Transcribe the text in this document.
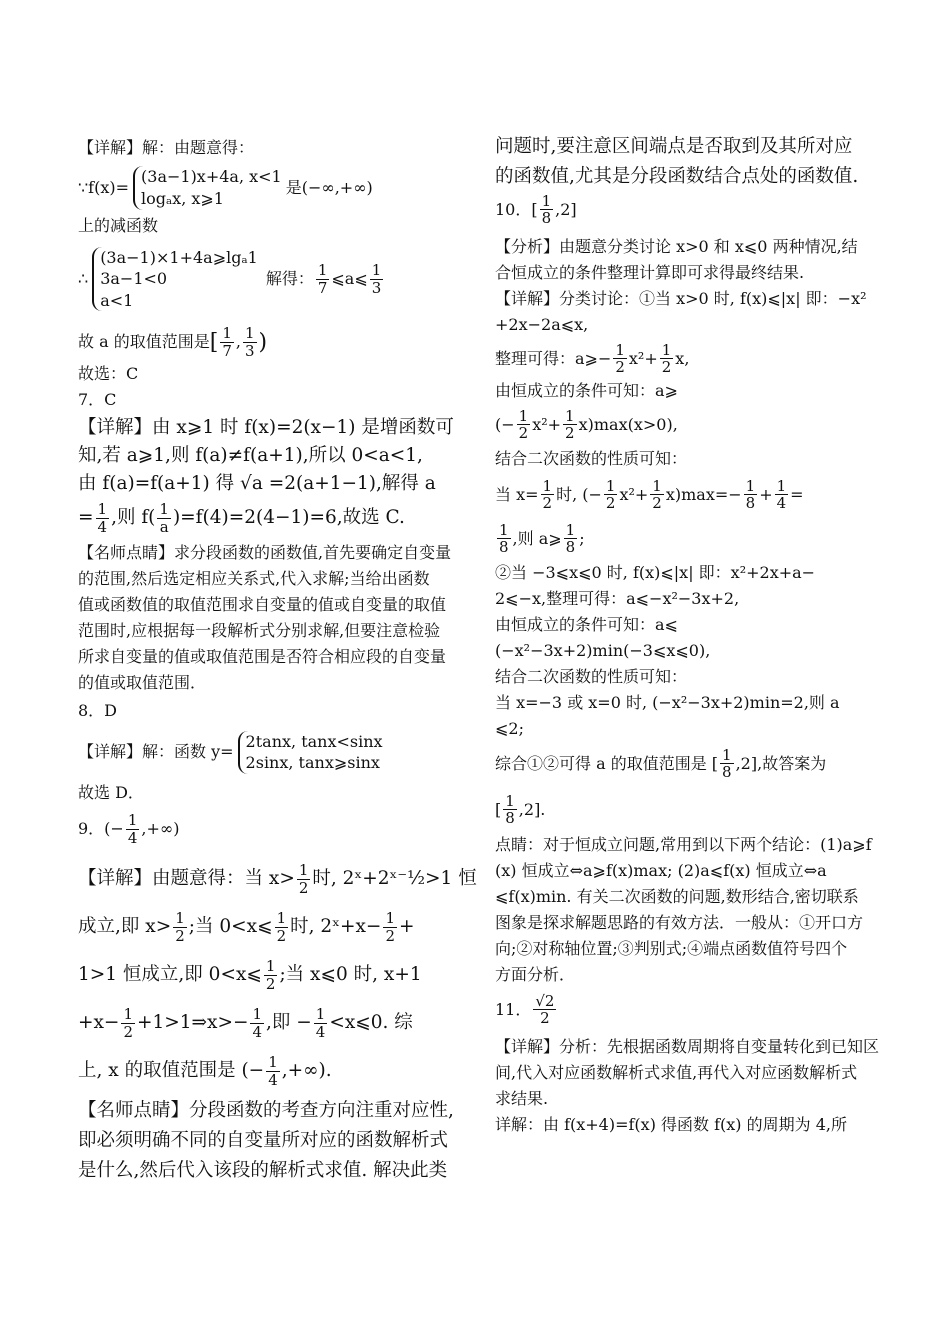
【详解】解：由题意得：
∵f(x)=
(3a−1)x+4a, x<1
logₐx, x⩾1
是(−∞,+∞)
上的减函数
∴
(3a−1)×1+4a⩾lgₐ1
3a−1<0
a<1
解得： $\frac{1}{7}$ ⩽a⩽ $\frac{1}{3}$
故 a 的取值范围是 [ $\frac{1}{7}$ , $\frac{1}{3}$ )
故选：C
7．C
【详解】由 x⩾1 时 f(x)=2(x−1) 是增函数可
知,若 a⩾1,则 f(a)≠f(a+1),所以 0<a<1,
由 f(a)=f(a+1) 得 √a =2(a+1−1),解得 a
= $\frac{1}{4}$ ,则 $f( \frac{1}{a} )=f(4)=2(4-1)=6$,故选 C.
【名师点睛】求分段函数的函数值,首先要确定自变量
的范围,然后选定相应关系式,代入求解;当给出函数
值或函数值的取值范围求自变量的值或自变量的取值
范围时,应根据每一段解析式分别求解,但要注意检验
所求自变量的值或取值范围是否符合相应段的自变量
的值或取值范围．
8．D
【详解】解：函数 y=
2tanx, tanx<sinx
2sinx, tanx⩾sinx
故选 D．
9．(− $\frac{1}{4}$ ,+∞)
【详解】由题意得：当 $x> \frac{1}{2}$ 时, 2ˣ+2ˣ⁻½>1 恒
成立,即 $x> \frac{1}{2}$ ;当 0<x⩽ $\frac{1}{2}$ 时, 2ˣ+x− $\frac{1}{2}$ +
1>1 恒成立,即 0<x⩽ $\frac{1}{2}$ ;当 x⩽0 时, x+1
$+x- \frac{1}{2}$ +1>1⇒x>− $\frac{1}{4}$ ,即 − $\frac{1}{4}$ <x⩽0. 综
上, x 的取值范围是 (− $\frac{1}{4}$ ,+∞).
【名师点睛】分段函数的考查方向注重对应性,
即必须明确不同的自变量所对应的函数解析式
是什么,然后代入该段的解析式求值. 解决此类
问题时,要注意区间端点是否取到及其所对应
的函数值,尤其是分段函数结合点处的函数值.
10．[ $\frac{1}{8} ,2$]
【分析】由题意分类讨论 x>0 和 x⩽0 两种情况,结
合恒成立的条件整理计算即可求得最终结果.
【详解】分类讨论：①当 x>0 时, f(x)⩽|x| 即：−x²
+2x−2a⩽x,
整理可得：a⩾− $\frac{1}{2} x^2+ \frac{1}{2} x$,
由恒成立的条件可知：a⩾
(− $\frac{1}{2} x^2+ \frac{1}{2} x)\max(x>0)$,
结合二次函数的性质可知：
当 $x= \frac{1}{2}$ 时, (− $\frac{1}{2} x^2+ \frac{1}{2} x)\max=- \frac{1}{8} + \frac{1}{4}$ =
$\frac{1}{8}$ ,则 a⩾ $\frac{1}{8}$ ;
②当 −3⩽x⩽0 时, f(x)⩽|x| 即：x²+2x+a−
2⩽−x,整理可得：a⩽−x²−3x+2,
由恒成立的条件可知：a⩽
(−x²−3x+2)min(−3⩽x⩽0),
结合二次函数的性质可知：
当 x=−3 或 x=0 时, (−x²−3x+2)min=2,则 a
⩽2;
综合①②可得 a 的取值范围是 [ $\frac{1}{8} ,2$],故答案为
[ $\frac{1}{8} ,2$].
点睛：对于恒成立问题,常用到以下两个结论：(1)a⩾f
(x) 恒成立⇔a⩾f(x)max; (2)a⩽f(x) 恒成立⇔a
⩽f(x)min. 有关二次函数的问题,数形结合,密切联系
图象是探求解题思路的有效方法．一般从：①开口方
向;②对称轴位置;③判别式;④端点函数值符号四个
方面分析．
11． $\frac{√2}{2}$
【详解】分析：先根据函数周期将自变量转化到已知区
间,代入对应函数解析式求值,再代入对应函数解析式
求结果.
详解：由 f(x+4)=f(x) 得函数 f(x) 的周期为 4,所
